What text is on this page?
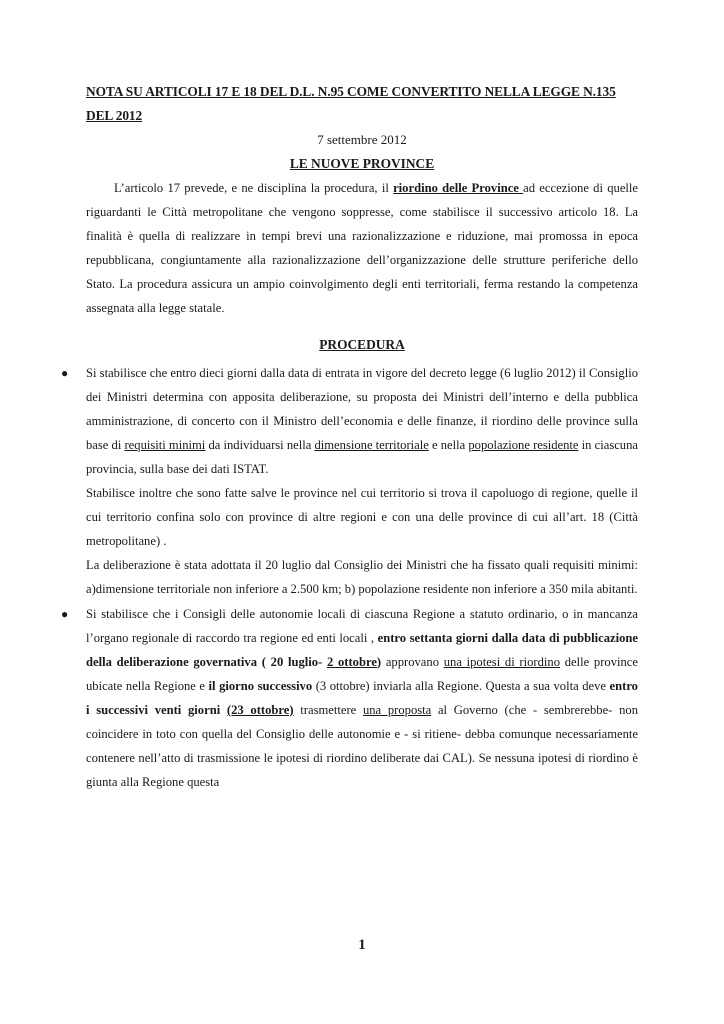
NOTA SU ARTICOLI 17 E 18 DEL D.L. N.95 COME CONVERTITO NELLA LEGGE N.135 DEL 2012

7 settembre 2012

LE NUOVE PROVINCE

L’articolo 17 prevede, e ne disciplina la procedura, il riordino delle Province ad eccezione di quelle riguardanti le Città metropolitane che vengono soppresse, come stabilisce il successivo articolo 18. La finalità è quella di realizzare in tempi brevi una razionalizzazione e riduzione, mai promossa in epoca repubblicana, congiuntamente alla razionalizzazione dell’organizzazione delle strutture periferiche dello Stato. La procedura assicura un ampio coinvolgimento degli enti territoriali, ferma restando la competenza assegnata alla legge statale.

PROCEDURA

● Si stabilisce che entro dieci giorni dalla data di entrata in vigore del decreto legge (6 luglio 2012) il Consiglio dei Ministri determina con apposita deliberazione, su proposta dei Ministri dell’interno e della pubblica amministrazione, di concerto con il Ministro dell’economia e delle finanze, il riordino delle province sulla base di requisiti minimi da individuarsi nella dimensione territoriale e nella popolazione residente in ciascuna provincia, sulla base dei dati ISTAT.

Stabilisce inoltre che sono fatte salve le province nel cui territorio si trova il capoluogo di regione, quelle il cui territorio confina solo con province di altre regioni e con una delle province di cui all’art. 18 (Città metropolitane) .

La deliberazione è stata adottata il 20 luglio dal Consiglio dei Ministri che ha fissato quali requisiti minimi: a)dimensione territoriale non inferiore a 2.500 km; b) popolazione residente non inferiore a 350 mila abitanti.

● Si stabilisce che i Consigli delle autonomie locali di ciascuna Regione a statuto ordinario, o in mancanza l’organo regionale di raccordo tra regione ed enti locali , entro settanta giorni dalla data di pubblicazione della deliberazione governativa ( 20 luglio- 2 ottobre) approvano una ipotesi di riordino delle province ubicate nella Regione e il giorno successivo (3 ottobre) inviarla alla Regione. Questa a sua volta deve entro i successivi venti giorni (23 ottobre) trasmettere una proposta al Governo (che - sembrerebbe- non coincidere in toto con quella del Consiglio delle autonomie e - si ritiene- debba comunque necessariamente contenere nell’atto di trasmissione le ipotesi di riordino deliberate dai CAL). Se nessuna ipotesi di riordino è giunta alla Regione questa

1
